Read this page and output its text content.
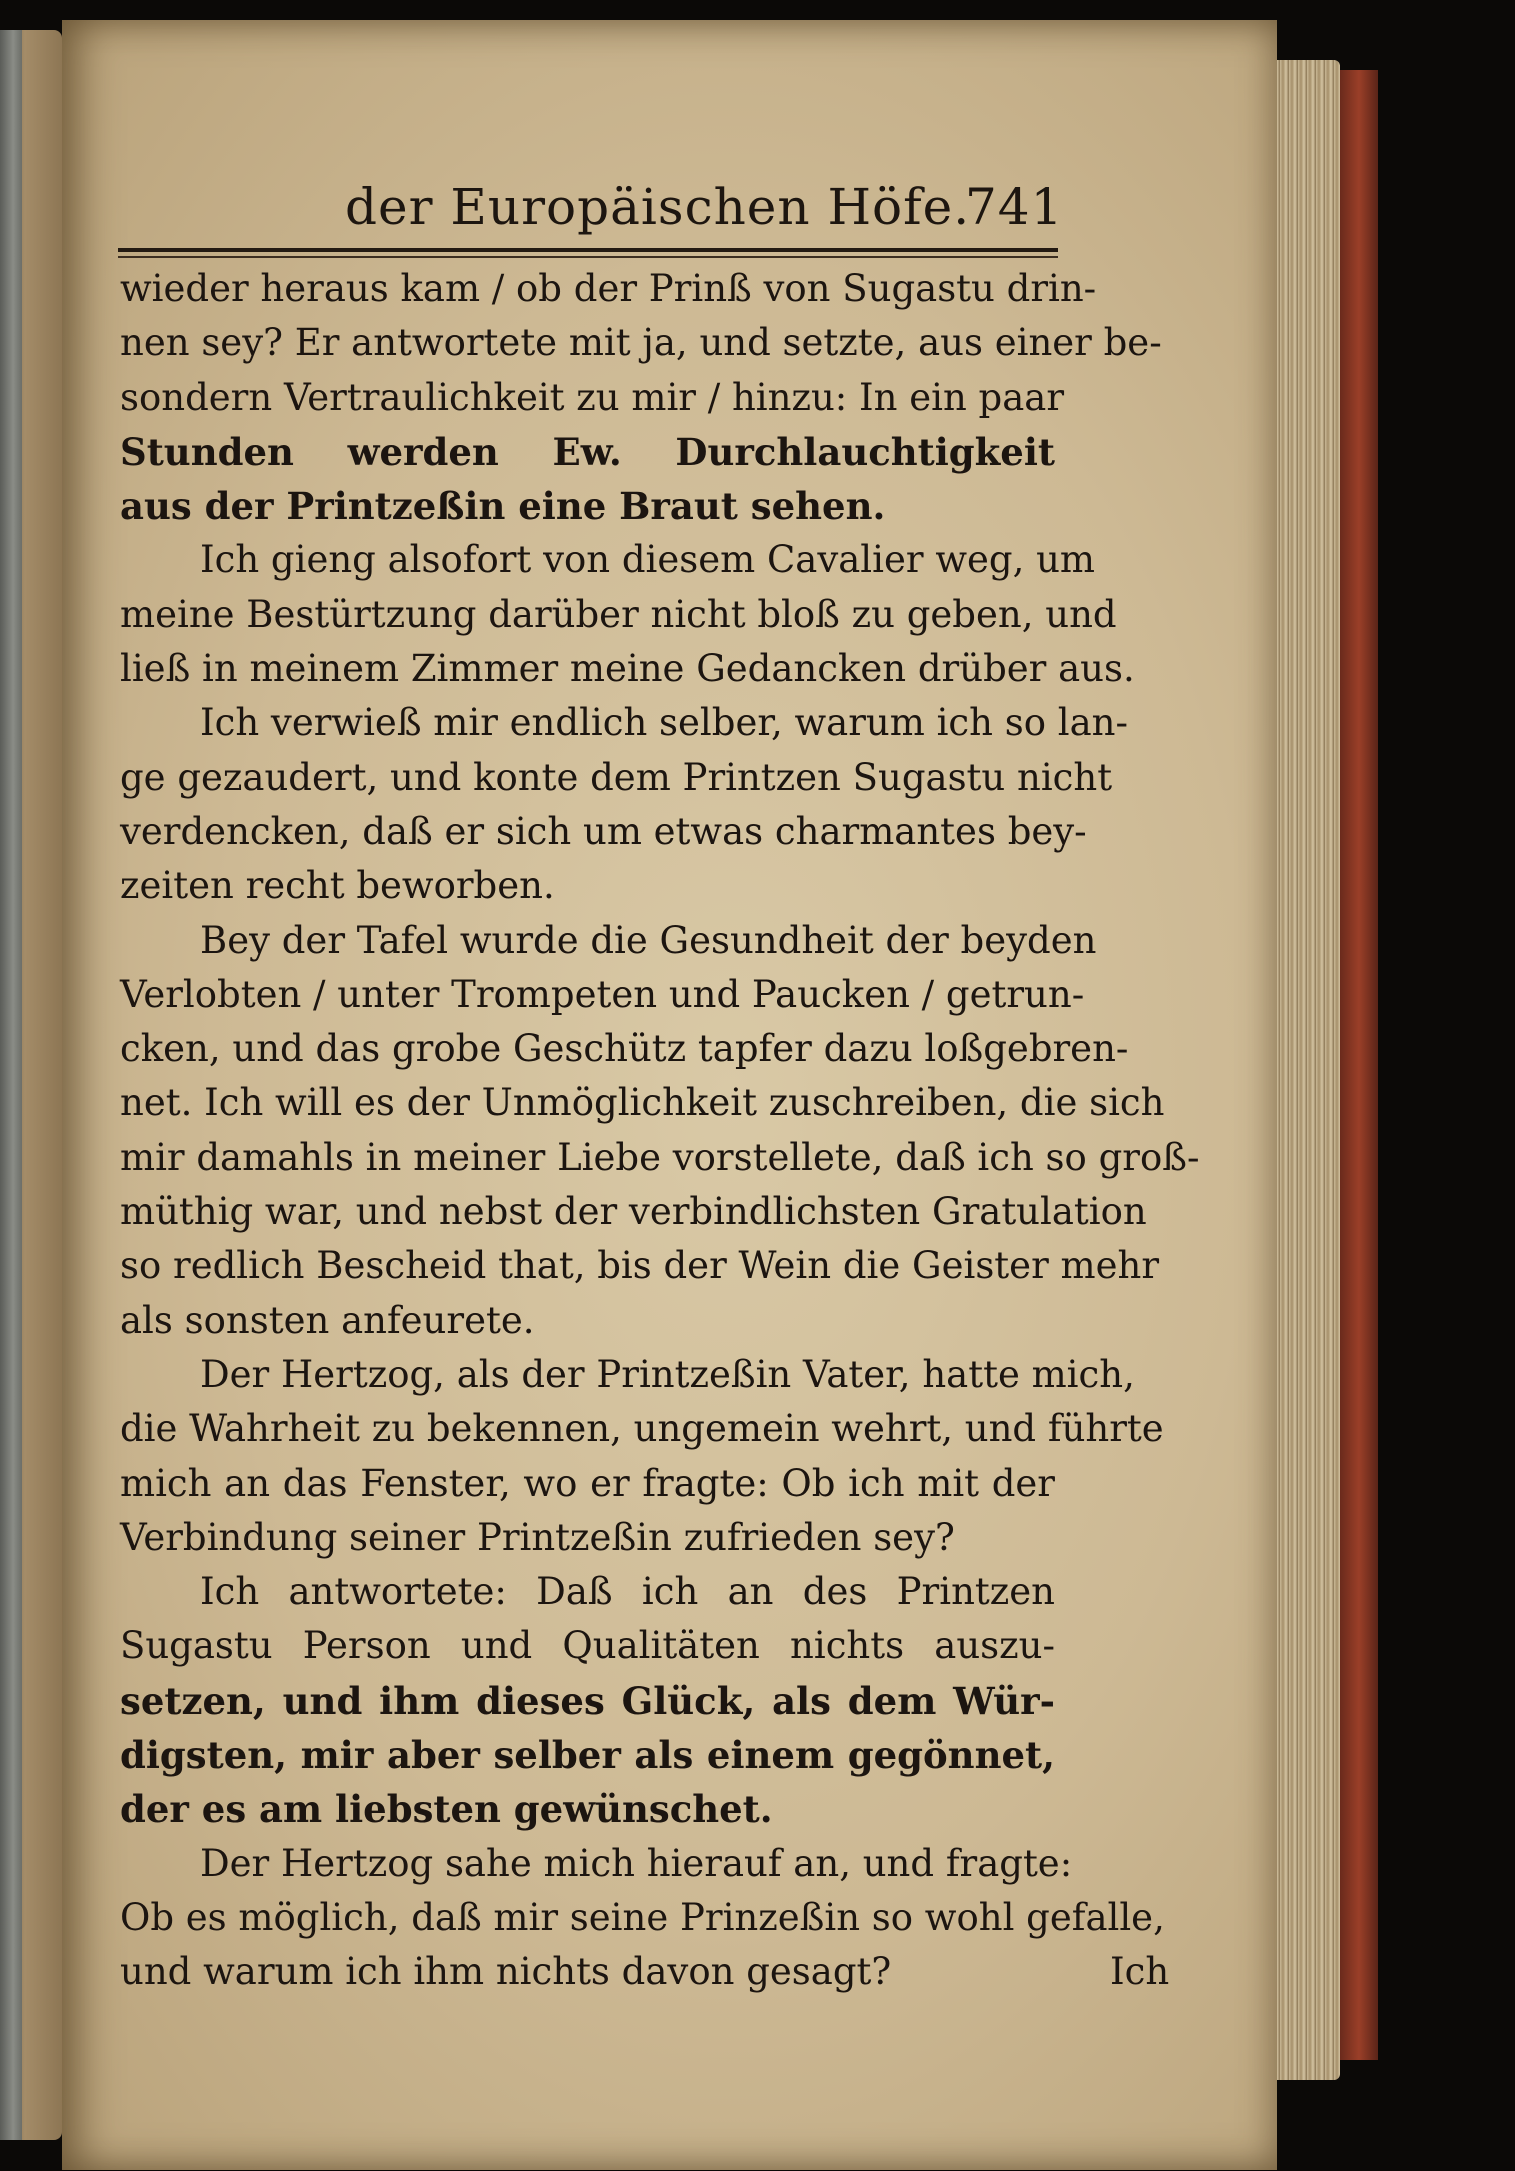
der Europäischen Höfe.
741
wieder heraus kam / ob der Prinß von Sugastu drin-
nen sey? Er antwortete mit ja, und setzte, aus einer be-
sondern Vertraulichkeit zu mir / hinzu: In ein paar
Stunden werden Ew. Durchlauchtigkeit
aus der Printzeßin eine Braut sehen.
Ich gieng alsofort von diesem Cavalier weg, um
meine Bestürtzung darüber nicht bloß zu geben, und
ließ in meinem Zimmer meine Gedancken drüber aus.
Ich verwieß mir endlich selber, warum ich so lan-
ge gezaudert, und konte dem Printzen Sugastu nicht
verdencken, daß er sich um etwas charmantes bey-
zeiten recht beworben.
Bey der Tafel wurde die Gesundheit der beyden
Verlobten / unter Trompeten und Paucken / getrun-
cken, und das grobe Geschütz tapfer dazu loßgebren-
net. Ich will es der Unmöglichkeit zuschreiben, die sich
mir damahls in meiner Liebe vorstellete, daß ich so groß-
müthig war, und nebst der verbindlichsten Gratulation
so redlich Bescheid that, bis der Wein die Geister mehr
als sonsten anfeurete.
Der Hertzog, als der Printzeßin Vater, hatte mich,
die Wahrheit zu bekennen, ungemein wehrt, und führte
mich an das Fenster, wo er fragte: Ob ich mit der
Verbindung seiner Printzeßin zufrieden sey?
Ich antwortete: Daß ich an des Printzen
Sugastu Person und Qualitäten nichts auszu-
setzen, und ihm dieses Glück, als dem Wür-
digsten, mir aber selber als einem gegönnet,
der es am liebsten gewünschet.
Der Hertzog sahe mich hierauf an, und fragte:
Ob es möglich, daß mir seine Prinzeßin so wohl gefalle,
und warum ich ihm nichts davon gesagt?	Ich
